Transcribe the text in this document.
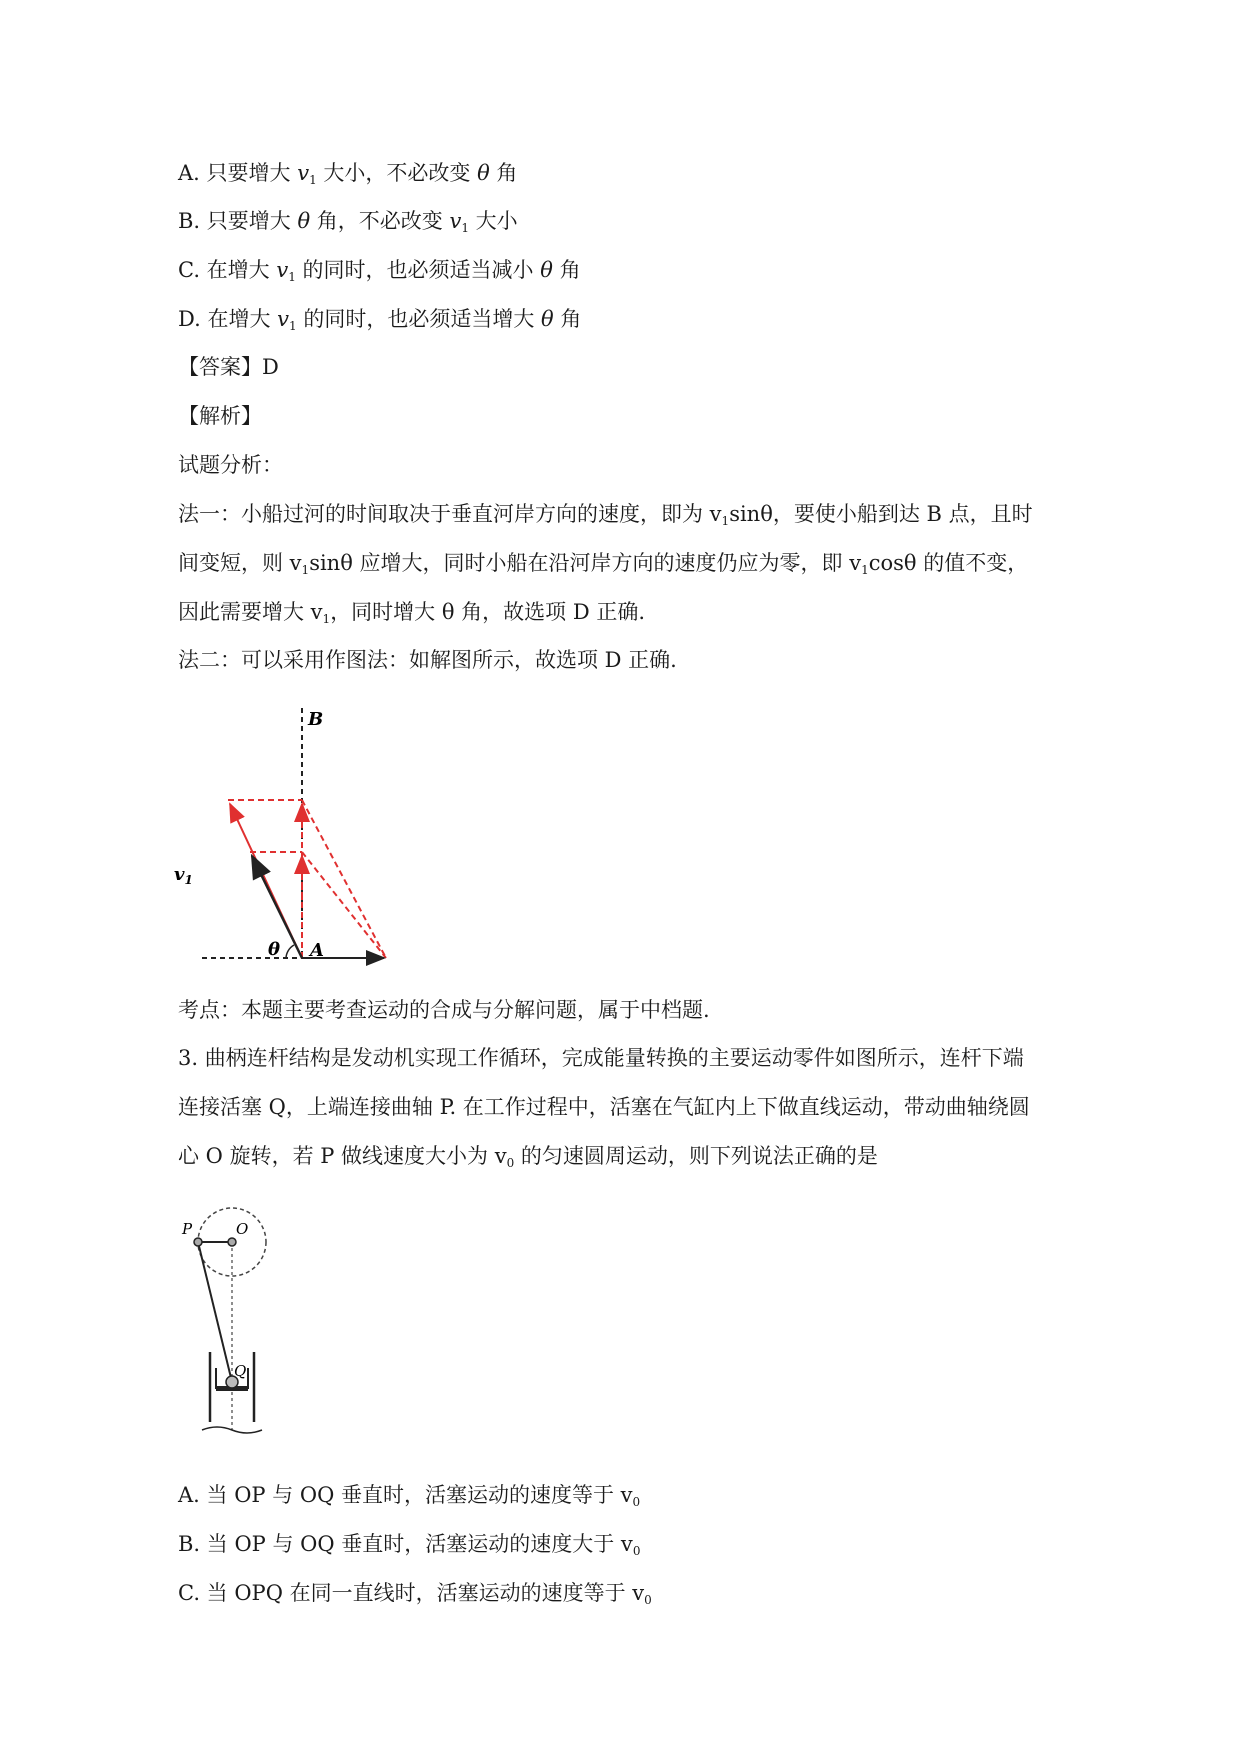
A. 只要增大 $v_1$ 大小，不必改变 θ 角
B. 只要增大 θ 角，不必改变 $v_1$ 大小
C. 在增大 $v_1$ 的同时，也必须适当减小 θ 角
D. 在增大 $v_1$ 的同时，也必须适当增大 θ 角
【答案】D
【解析】
试题分析：
法一：小船过河的时间取决于垂直河岸方向的速度，即为 $v_1\sin\theta$，要使小船到达 B 点，且时
间变短，则 $v_1\sin\theta$ 应增大，同时小船在沿河岸方向的速度仍应为零，即 $v_1\cos\theta$ 的值不变，
因此需要增大 $v_1$，同时增大 θ 角，故选项 D 正确.
法二：可以采用作图法：如解图所示，故选项 D 正确.
B
$v_1$
θ A
考点：本题主要考查运动的合成与分解问题，属于中档题.
3. 曲柄连杆结构是发动机实现工作循环，完成能量转换的主要运动零件如图所示，连杆下端
连接活塞 Q，上端连接曲轴 P. 在工作过程中，活塞在气缸内上下做直线运动，带动曲轴绕圆
心 O 旋转，若 P 做线速度大小为 $v_0$ 的匀速圆周运动，则下列说法正确的是
P	O
Q
A. 当 OP 与 OQ 垂直时，活塞运动的速度等于 $v_0$
B. 当 OP 与 OQ 垂直时，活塞运动的速度大于 $v_0$
C. 当 OPQ 在同一直线时，活塞运动的速度等于 $v_0$
